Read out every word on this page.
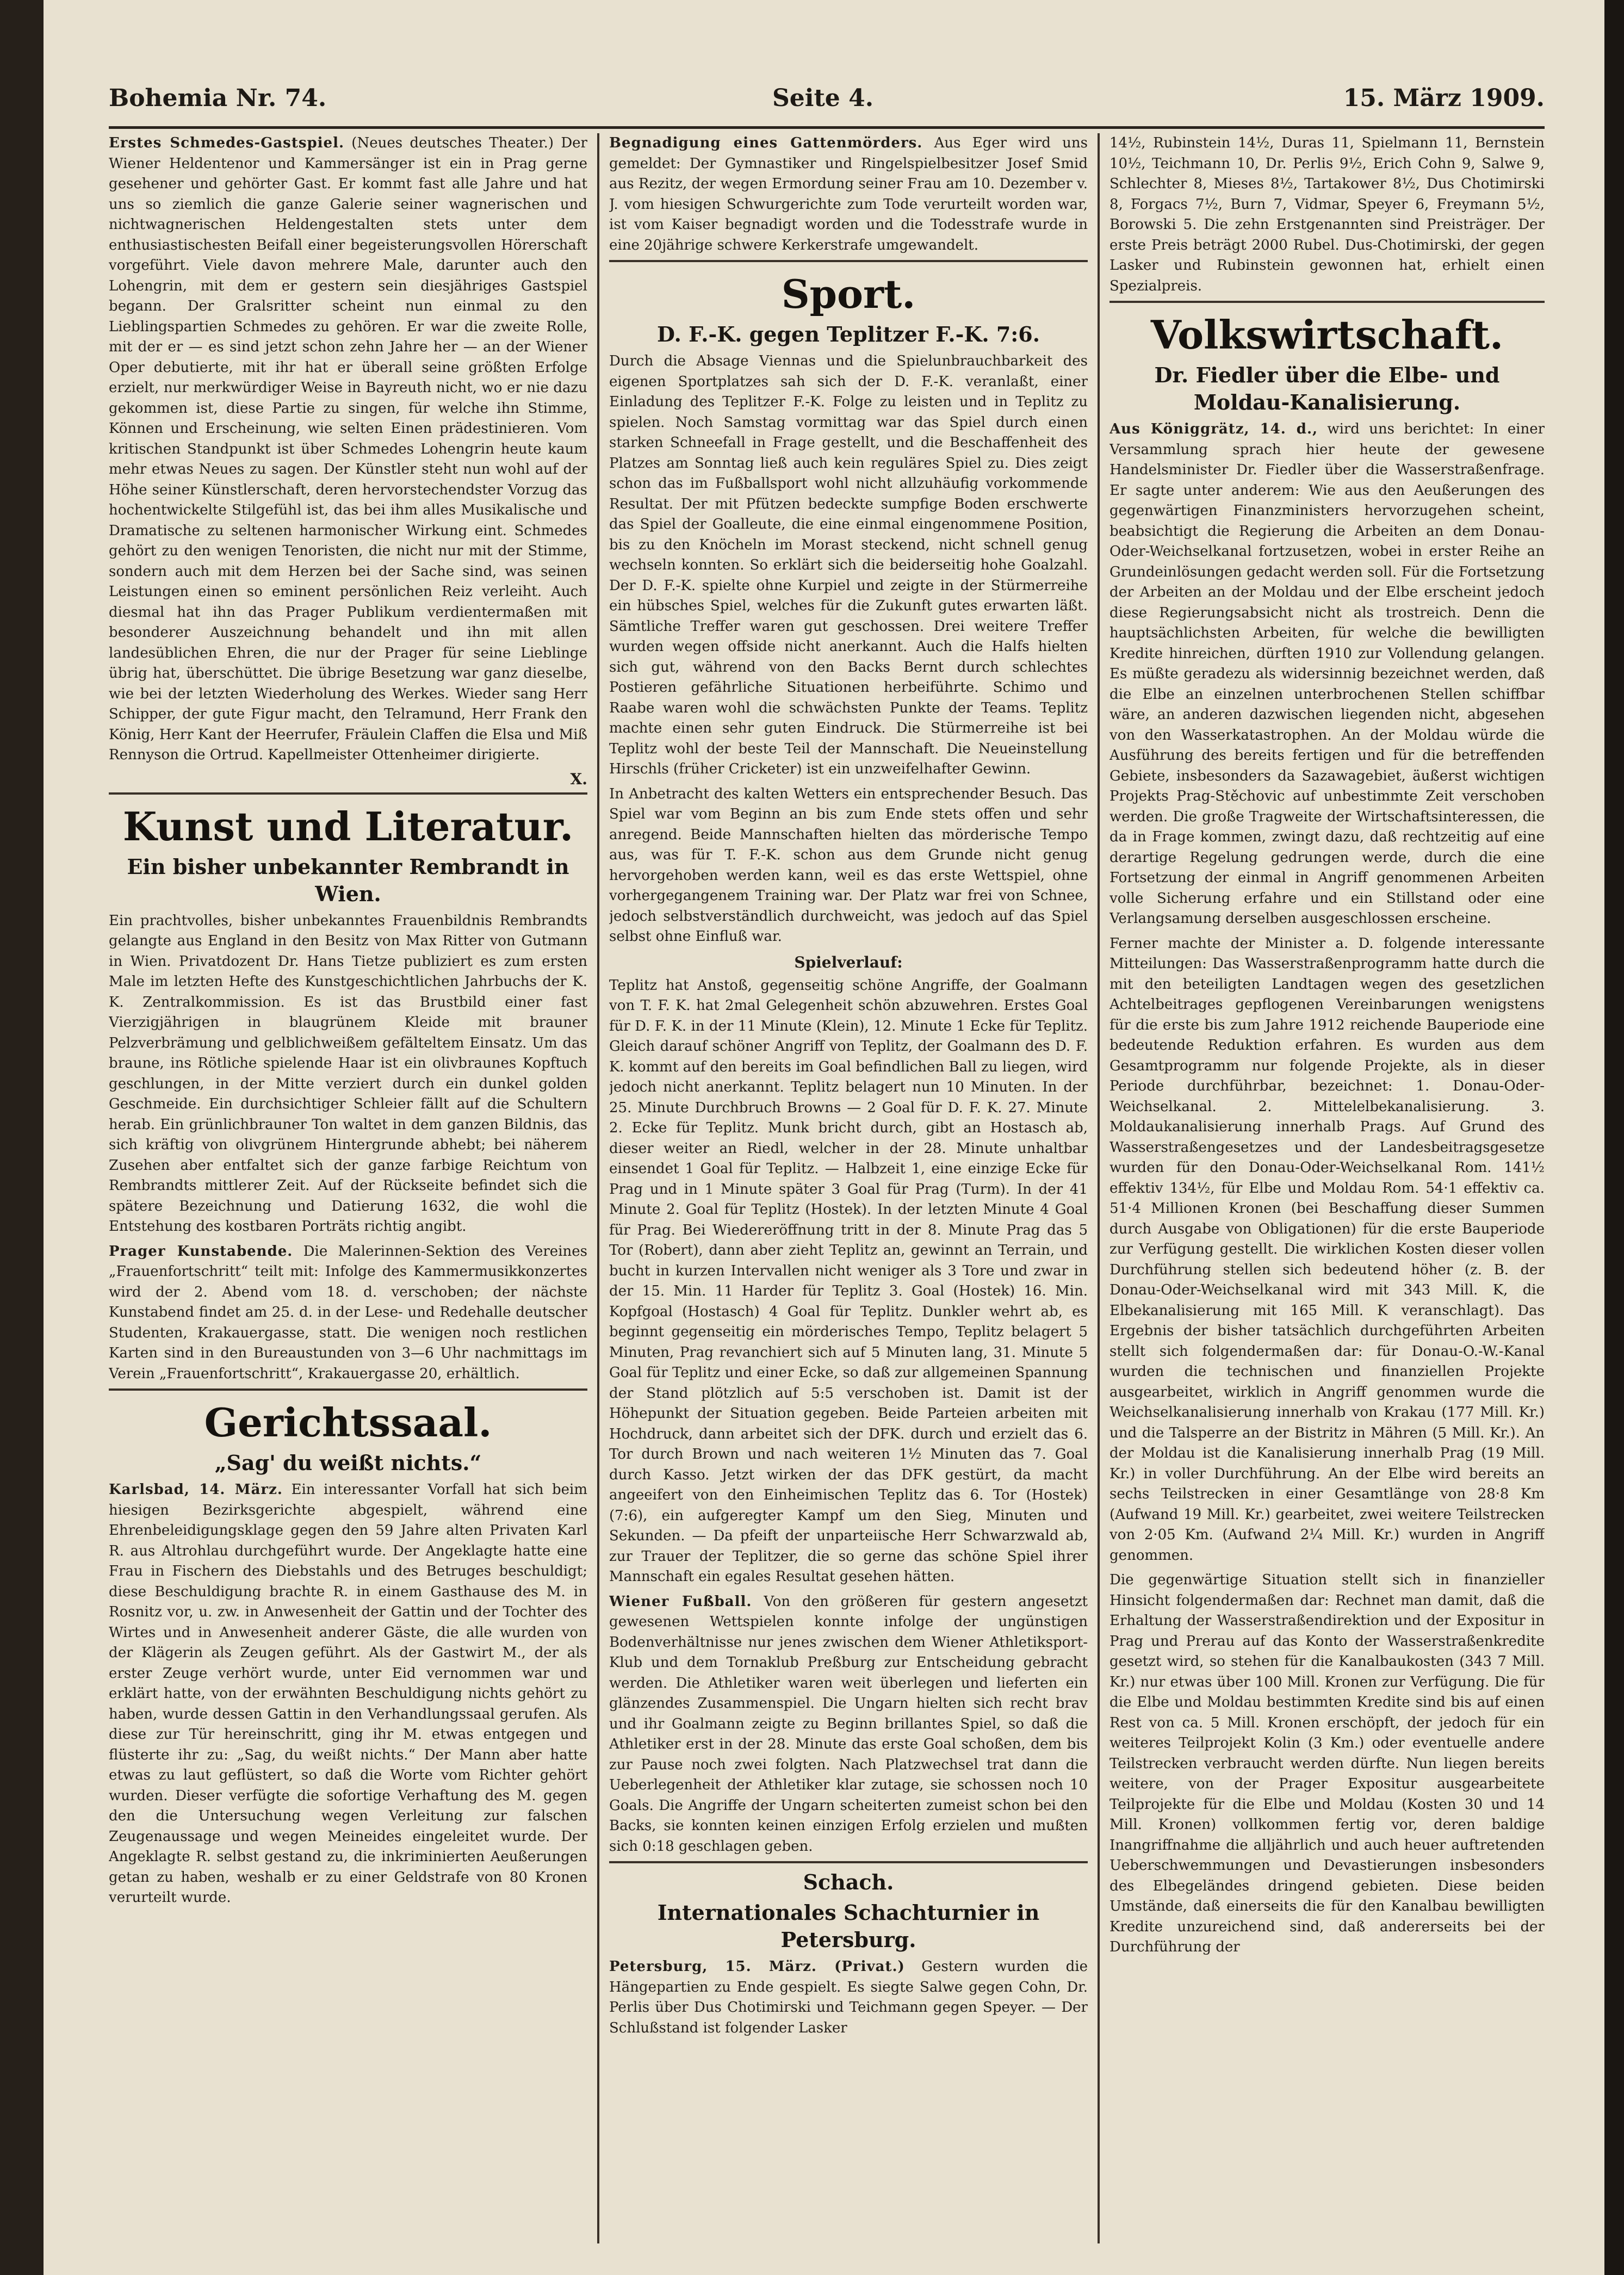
Bohemia Nr. 74.	Seite 4.	15. März 1909.

Erstes Schmedes-Gastspiel. (Neues deutsches Theater.) Der Wiener Heldentenor und Kammersänger ist ein in Prag gerne gesehener und gehörter Gast. Er kommt fast alle Jahre und hat uns so ziemlich die ganze Galerie seiner wagnerischen und nichtwagnerischen Heldengestalten stets unter dem enthusiastischesten Beifall einer begeisterungsvollen Hörerschaft vorgeführt. Viele davon mehrere Male, darunter auch den Lohengrin, mit dem er gestern sein diesjähriges Gastspiel begann. Der Gralsritter scheint nun einmal zu den Lieblingspartien Schmedes zu gehören. Er war die zweite Rolle, mit der er — es sind jetzt schon zehn Jahre her — an der Wiener Oper debutierte, mit ihr hat er überall seine größten Erfolge erzielt, nur merkwürdiger Weise in Bayreuth nicht, wo er nie dazu gekommen ist, diese Partie zu singen, für welche ihn Stimme, Können und Erscheinung, wie selten Einen prädestinieren. Vom kritischen Standpunkt ist über Schmedes Lohengrin heute kaum mehr etwas Neues zu sagen. Der Künstler steht nun wohl auf der Höhe seiner Künstlerschaft, deren hervorstechendster Vorzug das hochentwickelte Stilgefühl ist, das bei ihm alles Musikalische und Dramatische zu seltenen harmonischer Wirkung eint. Schmedes gehört zu den wenigen Tenoristen, die nicht nur mit der Stimme, sondern auch mit dem Herzen bei der Sache sind, was seinen Leistungen einen so eminent persönlichen Reiz verleiht. Auch diesmal hat ihn das Prager Publikum verdientermaßen mit besonderer Auszeichnung behandelt und ihn mit allen landesüblichen Ehren, die nur der Prager für seine Lieblinge übrig hat, überschüttet. Die übrige Besetzung war ganz dieselbe, wie bei der letzten Wiederholung des Werkes. Wieder sang Herr Schipper, der gute Figur macht, den Telramund, Herr Frank den König, Herr Kant der Heerrufer, Fräulein Claffen die Elsa und Miß Rennyson die Ortrud. Kapellmeister Ottenheimer dirigierte.

X.
Kunst und Literatur.
Ein bisher unbekannter Rembrandt in Wien.

Ein prachtvolles, bisher unbekanntes Frauenbildnis Rembrandts gelangte aus England in den Besitz von Max Ritter von Gutmann in Wien. Privatdozent Dr. Hans Tietze publiziert es zum ersten Male im letzten Hefte des Kunstgeschichtlichen Jahrbuchs der K. K. Zentralkommission. Es ist das Brustbild einer fast Vierzigjährigen in blaugrünem Kleide mit brauner Pelzverbrämung und gelblichweißem gefälteltem Einsatz. Um das braune, ins Rötliche spielende Haar ist ein olivbraunes Kopftuch geschlungen, in der Mitte verziert durch ein dunkel golden Geschmeide. Ein durchsichtiger Schleier fällt auf die Schultern herab. Ein grünlichbrauner Ton waltet in dem ganzen Bildnis, das sich kräftig von olivgrünem Hintergrunde abhebt; bei näherem Zusehen aber entfaltet sich der ganze farbige Reichtum von Rembrandts mittlerer Zeit. Auf der Rückseite befindet sich die spätere Bezeichnung und Datierung 1632, die wohl die Entstehung des kostbaren Porträts richtig angibt.

Prager Kunstabende. Die Malerinnen-Sektion des Vereines „Frauenfortschritt“ teilt mit: Infolge des Kammermusikkonzertes wird der 2. Abend vom 18. d. verschoben; der nächste Kunstabend findet am 25. d. in der Lese- und Redehalle deutscher Studenten, Krakauergasse, statt. Die wenigen noch restlichen Karten sind in den Bureaustunden von 3—6 Uhr nachmittags im Verein „Frauenfortschritt“, Krakauergasse 20, erhältlich.

Gerichtssaal.
„Sag' du weißt nichts.“

Karlsbad, 14. März. Ein interessanter Vorfall hat sich beim hiesigen Bezirksgerichte abgespielt, während eine Ehrenbeleidigungsklage gegen den 59 Jahre alten Privaten Karl R. aus Altrohlau durchgeführt wurde. Der Angeklagte hatte eine Frau in Fischern des Diebstahls und des Betruges beschuldigt; diese Beschuldigung brachte R. in einem Gasthause des M. in Rosnitz vor, u. zw. in Anwesenheit der Gattin und der Tochter des Wirtes und in Anwesenheit anderer Gäste, die alle wurden von der Klägerin als Zeugen geführt. Als der Gastwirt M., der als erster Zeuge verhört wurde, unter Eid vernommen war und erklärt hatte, von der erwähnten Beschuldigung nichts gehört zu haben, wurde dessen Gattin in den Verhandlungssaal gerufen. Als diese zur Tür hereinschritt, ging ihr M. etwas entgegen und flüsterte ihr zu: „Sag, du weißt nichts.“ Der Mann aber hatte etwas zu laut geflüstert, so daß die Worte vom Richter gehört wurden. Dieser verfügte die sofortige Verhaftung des M. gegen den die Untersuchung wegen Verleitung zur falschen Zeugenaussage und wegen Meineides eingeleitet wurde. Der Angeklagte R. selbst gestand zu, die inkriminierten Aeußerungen getan zu haben, weshalb er zu einer Geldstrafe von 80 Kronen verurteilt wurde.

Begnadigung eines Gattenmörders. Aus Eger wird uns gemeldet: Der Gymnastiker und Ringelspielbesitzer Josef Smid aus Rezitz, der wegen Ermordung seiner Frau am 10. Dezember v. J. vom hiesigen Schwurgerichte zum Tode verurteilt worden war, ist vom Kaiser begnadigt worden und die Todesstrafe wurde in eine 20jährige schwere Kerkerstrafe umgewandelt.

Sport.
D. F.-K. gegen Teplitzer F.-K. 7:6.

Durch die Absage Viennas und die Spielunbrauchbarkeit des eigenen Sportplatzes sah sich der D. F.-K. veranlaßt, einer Einladung des Teplitzer F.-K. Folge zu leisten und in Teplitz zu spielen. Noch Samstag vormittag war das Spiel durch einen starken Schneefall in Frage gestellt, und die Beschaffenheit des Platzes am Sonntag ließ auch kein reguläres Spiel zu. Dies zeigt schon das im Fußballsport wohl nicht allzuhäufig vorkommende Resultat. Der mit Pfützen bedeckte sumpfige Boden erschwerte das Spiel der Goalleute, die eine einmal eingenommene Position, bis zu den Knöcheln im Morast steckend, nicht schnell genug wechseln konnten. So erklärt sich die beiderseitig hohe Goalzahl. Der D. F.-K. spielte ohne Kurpiel und zeigte in der Stürmerreihe ein hübsches Spiel, welches für die Zukunft gutes erwarten läßt. Sämtliche Treffer waren gut geschossen. Drei weitere Treffer wurden wegen offside nicht anerkannt. Auch die Halfs hielten sich gut, während von den Backs Bernt durch schlechtes Postieren gefährliche Situationen herbeiführte. Schimo und Raabe waren wohl die schwächsten Punkte der Teams. Teplitz machte einen sehr guten Eindruck. Die Stürmerreihe ist bei Teplitz wohl der beste Teil der Mannschaft. Die Neueinstellung Hirschls (früher Cricketer) ist ein unzweifelhafter Gewinn.

In Anbetracht des kalten Wetters ein entsprechender Besuch. Das Spiel war vom Beginn an bis zum Ende stets offen und sehr anregend. Beide Mannschaften hielten das mörderische Tempo aus, was für T. F.-K. schon aus dem Grunde nicht genug hervorgehoben werden kann, weil es das erste Wettspiel, ohne vorhergegangenem Training war. Der Platz war frei von Schnee, jedoch selbstverständlich durchweicht, was jedoch auf das Spiel selbst ohne Einfluß war.

Spielverlauf:

Teplitz hat Anstoß, gegenseitig schöne Angriffe, der Goalmann von T. F. K. hat 2mal Gelegenheit schön abzuwehren. Erstes Goal für D. F. K. in der 11 Minute (Klein), 12. Minute 1 Ecke für Teplitz. Gleich darauf schöner Angriff von Teplitz, der Goalmann des D. F. K. kommt auf den bereits im Goal befindlichen Ball zu liegen, wird jedoch nicht anerkannt. Teplitz belagert nun 10 Minuten. In der 25. Minute Durchbruch Browns — 2 Goal für D. F. K. 27. Minute 2. Ecke für Teplitz. Munk bricht durch, gibt an Hostasch ab, dieser weiter an Riedl, welcher in der 28. Minute unhaltbar einsendet 1 Goal für Teplitz. — Halbzeit 1, eine einzige Ecke für Prag und in 1 Minute später 3 Goal für Prag (Turm). In der 41 Minute 2. Goal für Teplitz (Hostek). In der letzten Minute 4 Goal für Prag. Bei Wiedereröffnung tritt in der 8. Minute Prag das 5 Tor (Robert), dann aber zieht Teplitz an, gewinnt an Terrain, und bucht in kurzen Intervallen nicht weniger als 3 Tore und zwar in der 15. Min. 11 Harder für Teplitz 3. Goal (Hostek) 16. Min. Kopfgoal (Hostasch) 4 Goal für Teplitz. Dunkler wehrt ab, es beginnt gegenseitig ein mörderisches Tempo, Teplitz belagert 5 Minuten, Prag revanchiert sich auf 5 Minuten lang, 31. Minute 5 Goal für Teplitz und einer Ecke, so daß zur allgemeinen Spannung der Stand plötzlich auf 5:5 verschoben ist. Damit ist der Höhepunkt der Situation gegeben. Beide Parteien arbeiten mit Hochdruck, dann arbeitet sich der DFK. durch und erzielt das 6. Tor durch Brown und nach weiteren 1½ Minuten das 7. Goal durch Kasso. Jetzt wirken der das DFK gestürt, da macht angeeifert von den Einheimischen Teplitz das 6. Tor (Hostek) (7:6), ein aufgeregter Kampf um den Sieg, Minuten und Sekunden. — Da pfeift der unparteiische Herr Schwarzwald ab, zur Trauer der Teplitzer, die so gerne das schöne Spiel ihrer Mannschaft ein egales Resultat gesehen hätten.

Wiener Fußball. Von den größeren für gestern angesetzt gewesenen Wettspielen konnte infolge der ungünstigen Bodenverhältnisse nur jenes zwischen dem Wiener Athletiksport-Klub und dem Tornaklub Preßburg zur Entscheidung gebracht werden. Die Athletiker waren weit überlegen und lieferten ein glänzendes Zusammenspiel. Die Ungarn hielten sich recht brav und ihr Goalmann zeigte zu Beginn brillantes Spiel, so daß die Athletiker erst in der 28. Minute das erste Goal schoßen, dem bis zur Pause noch zwei folgten. Nach Platzwechsel trat dann die Ueberlegenheit der Athletiker klar zutage, sie schossen noch 10 Goals. Die Angriffe der Ungarn scheiterten zumeist schon bei den Backs, sie konnten keinen einzigen Erfolg erzielen und mußten sich 0:18 geschlagen geben.

Schach.
Internationales Schachturnier in Petersburg.

Petersburg, 15. März. (Privat.) Gestern wurden die Hängepartien zu Ende gespielt. Es siegte Salwe gegen Cohn, Dr. Perlis über Dus Chotimirski und Teichmann gegen Speyer. — Der Schlußstand ist folgender Lasker

14½, Rubinstein 14½, Duras 11, Spielmann 11, Bernstein 10½, Teichmann 10, Dr. Perlis 9½, Erich Cohn 9, Salwe 9, Schlechter 8, Mieses 8½, Tartakower 8½, Dus Chotimirski 8, Forgacs 7½, Burn 7, Vidmar, Speyer 6, Freymann 5½, Borowski 5. Die zehn Erstgenannten sind Preisträger. Der erste Preis beträgt 2000 Rubel. Dus-Chotimirski, der gegen Lasker und Rubinstein gewonnen hat, erhielt einen Spezialpreis.

Volkswirtschaft.
Dr. Fiedler über die Elbe- und Moldau-Kanalisierung.

Aus Königgrätz, 14. d., wird uns berichtet: In einer Versammlung sprach hier heute der gewesene Handelsminister Dr. Fiedler über die Wasserstraßenfrage. Er sagte unter anderem: Wie aus den Aeußerungen des gegenwärtigen Finanzministers hervorzugehen scheint, beabsichtigt die Regierung die Arbeiten an dem Donau-Oder-Weichselkanal fortzusetzen, wobei in erster Reihe an Grundeinlösungen gedacht werden soll. Für die Fortsetzung der Arbeiten an der Moldau und der Elbe erscheint jedoch diese Regierungsabsicht nicht als trostreich. Denn die hauptsächlichsten Arbeiten, für welche die bewilligten Kredite hinreichen, dürften 1910 zur Vollendung gelangen. Es müßte geradezu als widersinnig bezeichnet werden, daß die Elbe an einzelnen unterbrochenen Stellen schiffbar wäre, an anderen dazwischen liegenden nicht, abgesehen von den Wasserkatastrophen. An der Moldau würde die Ausführung des bereits fertigen und für die betreffenden Gebiete, insbesonders da Sazawagebiet, äußerst wichtigen Projekts Prag-Stěchovic auf unbestimmte Zeit verschoben werden. Die große Tragweite der Wirtschaftsinteressen, die da in Frage kommen, zwingt dazu, daß rechtzeitig auf eine derartige Regelung gedrungen werde, durch die eine Fortsetzung der einmal in Angriff genommenen Arbeiten volle Sicherung erfahre und ein Stillstand oder eine Verlangsamung derselben ausgeschlossen erscheine.

Ferner machte der Minister a. D. folgende interessante Mitteilungen: Das Wasserstraßenprogramm hatte durch die mit den beteiligten Landtagen wegen des gesetzlichen Achtelbeitrages gepflogenen Vereinbarungen wenigstens für die erste bis zum Jahre 1912 reichende Bauperiode eine bedeutende Reduktion erfahren. Es wurden aus dem Gesamtprogramm nur folgende Projekte, als in dieser Periode durchführbar, bezeichnet: 1. Donau-Oder-Weichselkanal. 2. Mittelelbekanalisierung. 3. Moldaukanalisierung innerhalb Prags. Auf Grund des Wasserstraßengesetzes und der Landesbeitragsgesetze wurden für den Donau-Oder-Weichselkanal Rom. 141½ effektiv 134½, für Elbe und Moldau Rom. 54·1 effektiv ca. 51·4 Millionen Kronen (bei Beschaffung dieser Summen durch Ausgabe von Obligationen) für die erste Bauperiode zur Verfügung gestellt. Die wirklichen Kosten dieser vollen Durchführung stellen sich bedeutend höher (z. B. der Donau-Oder-Weichselkanal wird mit 343 Mill. K, die Elbekanalisierung mit 165 Mill. K veranschlagt). Das Ergebnis der bisher tatsächlich durchgeführten Arbeiten stellt sich folgendermaßen dar: für Donau-O.-W.-Kanal wurden die technischen und finanziellen Projekte ausgearbeitet, wirklich in Angriff genommen wurde die Weichselkanalisierung innerhalb von Krakau (177 Mill. Kr.) und die Talsperre an der Bistritz in Mähren (5 Mill. Kr.). An der Moldau ist die Kanalisierung innerhalb Prag (19 Mill. Kr.) in voller Durchführung. An der Elbe wird bereits an sechs Teilstrecken in einer Gesamtlänge von 28·8 Km (Aufwand 19 Mill. Kr.) gearbeitet, zwei weitere Teilstrecken von 2·05 Km. (Aufwand 2¼ Mill. Kr.) wurden in Angriff genommen.

Die gegenwärtige Situation stellt sich in finanzieller Hinsicht folgendermaßen dar: Rechnet man damit, daß die Erhaltung der Wasserstraßendirektion und der Expositur in Prag und Prerau auf das Konto der Wasserstraßenkredite gesetzt wird, so stehen für die Kanalbaukosten (343 7 Mill. Kr.) nur etwas über 100 Mill. Kronen zur Verfügung. Die für die Elbe und Moldau bestimmten Kredite sind bis auf einen Rest von ca. 5 Mill. Kronen erschöpft, der jedoch für ein weiteres Teilprojekt Kolin (3 Km.) oder eventuelle andere Teilstrecken verbraucht werden dürfte. Nun liegen bereits weitere, von der Prager Expositur ausgearbeitete Teilprojekte für die Elbe und Moldau (Kosten 30 und 14 Mill. Kronen) vollkommen fertig vor, deren baldige Inangriffnahme die alljährlich und auch heuer auftretenden Ueberschwemmungen und Devastierungen insbesonders des Elbegeländes dringend gebieten. Diese beiden Umstände, daß einerseits die für den Kanalbau bewilligten Kredite unzureichend sind, daß andererseits bei der Durchführung der
